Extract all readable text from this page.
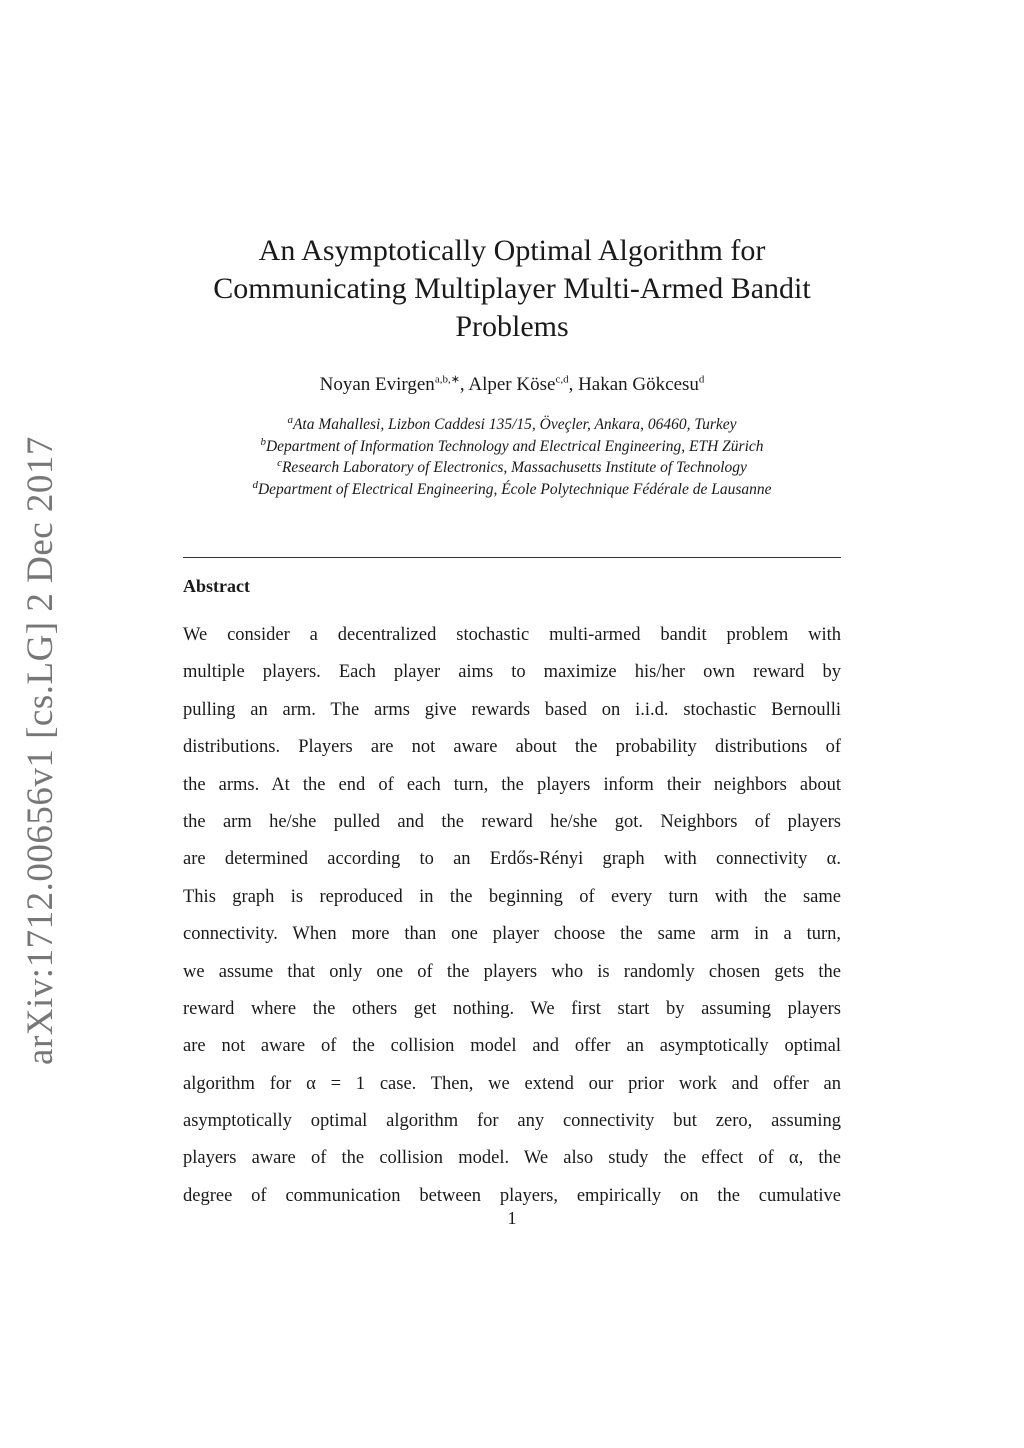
arXiv:1712.00656v1 [cs.LG] 2 Dec 2017
An Asymptotically Optimal Algorithm for
Communicating Multiplayer Multi-Armed Bandit
Problems
Noyan Evirgen$^{a,b,∗}$, Alper Köse$^{c,d}$, Hakan Gökcesu$^d$
$^a$Ata Mahallesi, Lizbon Caddesi 135/15, Öveçler, Ankara, 06460, Turkey
$^b$Department of Information Technology and Electrical Engineering, ETH Zürich
$^c$Research Laboratory of Electronics, Massachusetts Institute of Technology
$^d$Department of Electrical Engineering, École Polytechnique Fédérale de Lausanne
Abstract
We consider a decentralized stochastic multi-armed bandit problem with
multiple players. Each player aims to maximize his/her own reward by
pulling an arm. The arms give rewards based on i.i.d. stochastic Bernoulli
distributions. Players are not aware about the probability distributions of
the arms. At the end of each turn, the players inform their neighbors about
the arm he/she pulled and the reward he/she got. Neighbors of players
are determined according to an Erdős-Rényi graph with connectivity α.
This graph is reproduced in the beginning of every turn with the same
connectivity. When more than one player choose the same arm in a turn,
we assume that only one of the players who is randomly chosen gets the
reward where the others get nothing. We first start by assuming players
are not aware of the collision model and offer an asymptotically optimal
algorithm for α = 1 case. Then, we extend our prior work and offer an
asymptotically optimal algorithm for any connectivity but zero, assuming
players aware of the collision model. We also study the effect of α, the
degree of communication between players, empirically on the cumulative
1
